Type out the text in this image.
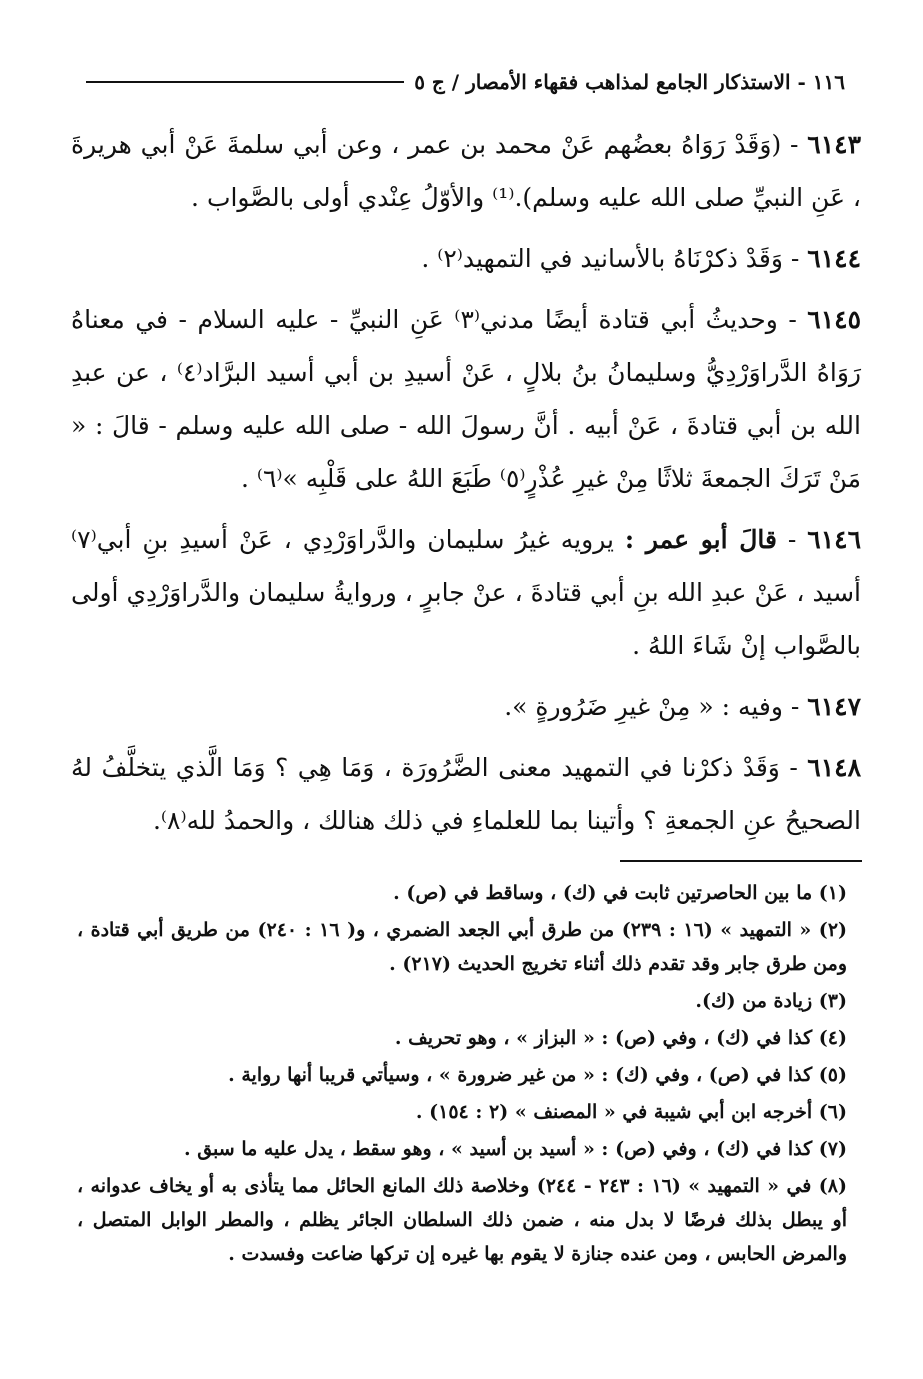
١١٦ - الاستذكار الجامع لمذاهب فقهاء الأمصار / ج ٥

٦١٤٣ - (وَقَدْ رَوَاهُ بعضُهم عَنْ محمد بن عمر ، وعن أبي سلمةَ عَنْ أبي هريرةَ ، عَنِ النبيِّ صلى الله عليه وسلم).⁽¹⁾ والأوّلُ عِنْدي أولى بالصَّواب .

٦١٤٤ - وَقَدْ ذكرْنَاهُ بالأسانيد في التمهيد⁽٢⁾ .

٦١٤٥ - وحديثُ أبي قتادة أيضًا مدني⁽٣⁾ عَنِ النبيِّ - عليه السلام - في معناهُ رَوَاهُ الدَّراوَرْدِيُّ وسليمانُ بنُ بلالٍ ، عَنْ أسيدِ بن أبي أسيد البرَّاد⁽٤⁾ ، عن عبدِ الله بن أبي قتادةَ ، عَنْ أبيه . أنَّ رسولَ الله - صلى الله عليه وسلم - قالَ : « مَنْ تَرَكَ الجمعةَ ثلاثًا مِنْ غيرِ عُذْرٍ⁽٥⁾ طَبَعَ اللهُ على قَلْبِه »⁽٦⁾ .

٦١٤٦ - قالَ أبو عمر : يرويه غيرُ سليمان والدَّراوَرْدِي ، عَنْ أسيدِ بنِ أبي⁽٧⁾ أسيد ، عَنْ عبدِ الله بنِ أبي قتادةَ ، عنْ جابرٍ ، وروايةُ سليمان والدَّراوَرْدِي أولى بالصَّواب إنْ شَاءَ اللهُ .

٦١٤٧ - وفيه : « مِنْ غيرِ ضَرُورةٍ ».

٦١٤٨ - وَقَدْ ذكرْنا في التمهيد معنى الضَّرُورَة ، وَمَا هِي ؟ وَمَا الَّذي يتخلَّفُ لهُ الصحيحُ عنِ الجمعةِ ؟ وأتينا بما للعلماءِ في ذلك هنالك ، والحمدُ لله⁽٨⁾.

(١) ما بين الحاصرتين ثابت في (ك) ، وساقط في (ص) .

(٢) « التمهيد » (١٦ : ٢٣٩) من طرق أبي الجعد الضمري ، و( ١٦ : ٢٤٠) من طريق أبي قتادة ، ومن طرق جابر وقد تقدم ذلك أثناء تخريج الحديث (٢١٧) .

(٣) زيادة من (ك).

(٤) كذا في (ك) ، وفي (ص) : « البزاز » ، وهو تحريف .

(٥) كذا في (ص) ، وفي (ك) : « من غير ضرورة » ، وسيأتي قريبا أنها رواية .

(٦) أخرجه ابن أبي شيبة في « المصنف » (٢ : ١٥٤) .

(٧) كذا في (ك) ، وفي (ص) : « أسيد بن أسيد » ، وهو سقط ، يدل عليه ما سبق .

(٨) في « التمهيد » (١٦ : ٢٤٣ - ٢٤٤) وخلاصة ذلك المانع الحائل مما يتأذى به أو يخاف عدوانه ، أو يبطل بذلك فرضًا لا بدل منه ، ضمن ذلك السلطان الجائر يظلم ، والمطر الوابل المتصل ، والمرض الحابس ، ومن عنده جنازة لا يقوم بها غيره إن تركها ضاعت وفسدت .
